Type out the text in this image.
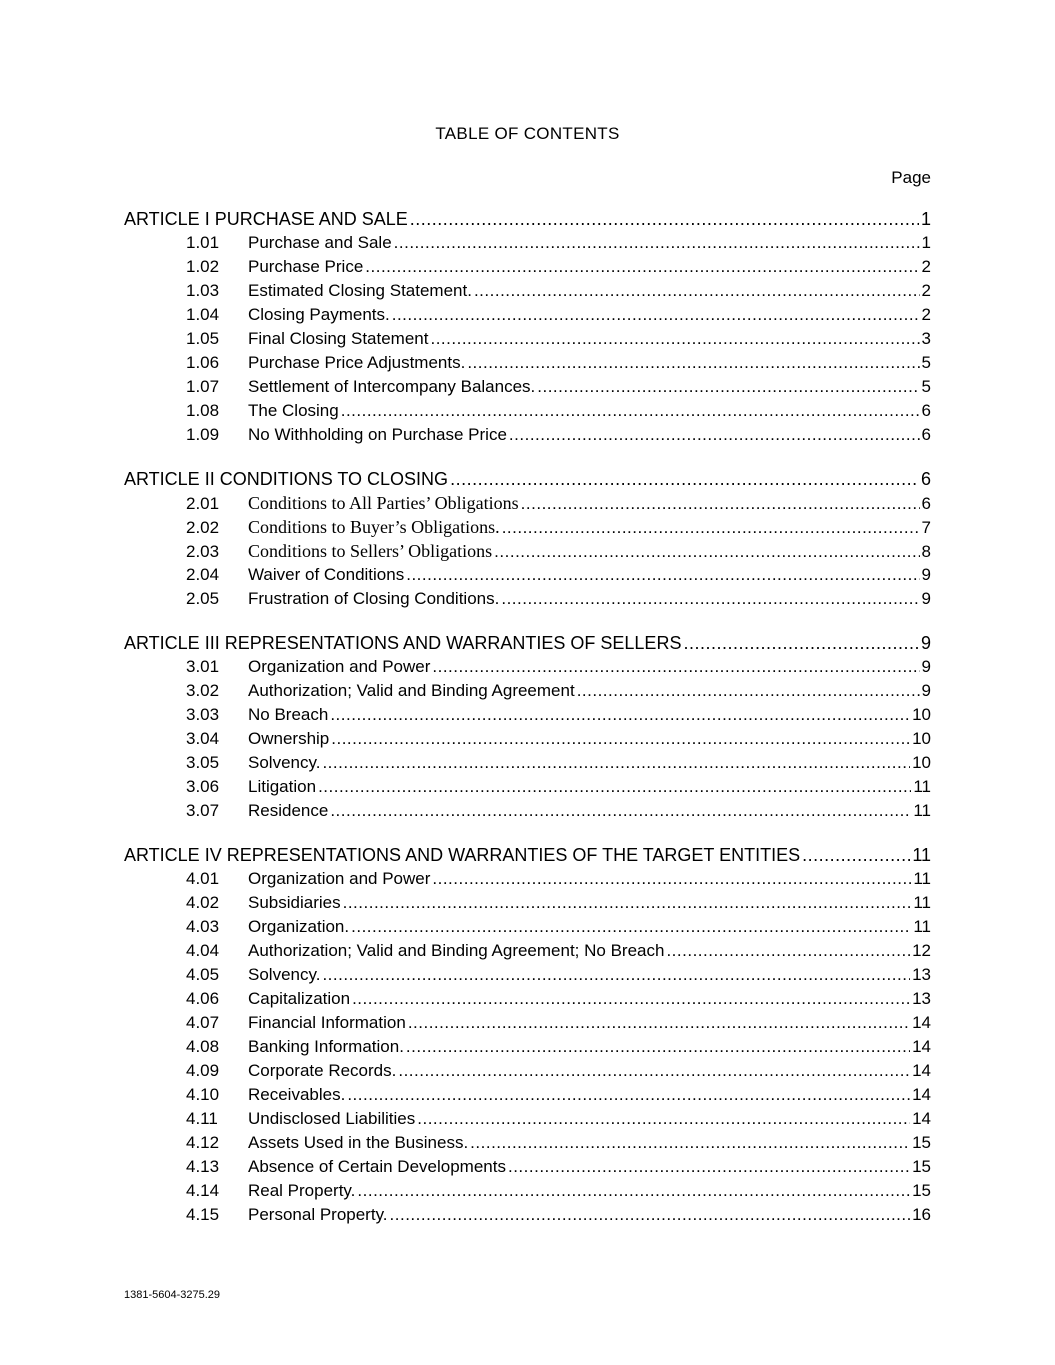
TABLE OF CONTENTS
Page
ARTICLE I PURCHASE AND SALE .....	1
1.01	Purchase and Sale .....	1
1.02	Purchase Price .....	2
1.03	Estimated Closing Statement. .....	2
1.04	Closing Payments. .....	2
1.05	Final Closing Statement .....	3
1.06	Purchase Price Adjustments. .....	5
1.07	Settlement of Intercompany Balances. .....	5
1.08	The Closing .....	6
1.09	No Withholding on Purchase Price .....	6
ARTICLE II CONDITIONS TO CLOSING .....	6
2.01	Conditions to All Parties’ Obligations .....	6
2.02	Conditions to Buyer’s Obligations. .....	7
2.03	Conditions to Sellers’ Obligations .....	8
2.04	Waiver of Conditions .....	9
2.05	Frustration of Closing Conditions. .....	9
ARTICLE III REPRESENTATIONS AND WARRANTIES OF SELLERS .....	9
3.01	Organization and Power .....	9
3.02	Authorization; Valid and Binding Agreement .....	9
3.03	No Breach .....	10
3.04	Ownership .....	10
3.05	Solvency. .....	10
3.06	Litigation .....	11
3.07	Residence .....	11
ARTICLE IV REPRESENTATIONS AND WARRANTIES OF THE TARGET ENTITIES .....	11
4.01	Organization and Power .....	11
4.02	Subsidiaries .....	11
4.03	Organization. .....	11
4.04	Authorization; Valid and Binding Agreement; No Breach .....	12
4.05	Solvency. .....	13
4.06	Capitalization .....	13
4.07	Financial Information .....	14
4.08	Banking Information. .....	14
4.09	Corporate Records. .....	14
4.10	Receivables. .....	14
4.11	Undisclosed Liabilities .....	14
4.12	Assets Used in the Business. .....	15
4.13	Absence of Certain Developments .....	15
4.14	Real Property. .....	15
4.15	Personal Property. .....	16
1381-5604-3275.29
